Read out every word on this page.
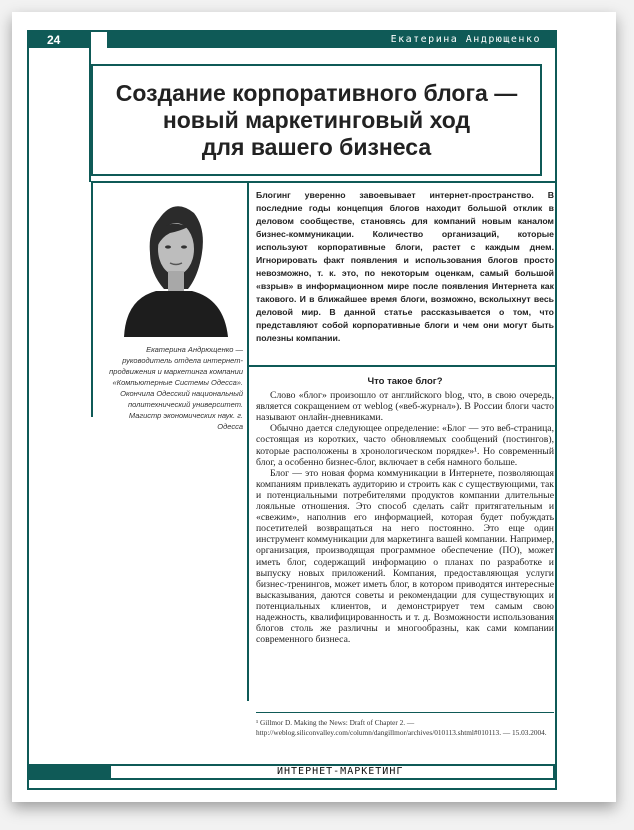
24	Екатерина Андрющенко
Создание корпоративного блога —
новый маркетинговый ход
для вашего бизнеса
Екатерина Андрющенко — руководитель отдела интернет-продвижения и маркетинга компании «Компьютерные Системы Одесса». Окончила Одесский национальный политехнический университет. Магистр экономических наук. г. Одесса
Блогинг уверенно завоевывает интернет-пространство. В последние годы концепция блогов находит большой отклик в деловом сообществе, становясь для компаний новым каналом бизнес-коммуникации. Количество организаций, которые используют корпоративные блоги, растет с каждым днем. Игнорировать факт появления и использования блогов просто невозможно, т. к. это, по некоторым оценкам, самый большой «взрыв» в информационном мире после появления Интернета как такового. И в ближайшее время блоги, возможно, всколыхнут весь деловой мир. В данной статье рассказывается о том, что представляют собой корпоративные блоги и чем они могут быть полезны компании.
Что такое блог?

Слово «блог» произошло от английского blog, что, в свою очередь, является сокращением от weblog («веб-журнал»). В России блоги часто называют онлайн-дневниками.

Обычно дается следующее определение: «Блог — это веб-страница, состоящая из коротких, часто обновляемых сообщений (постингов), которые расположены в хронологическом порядке»¹. Но современный блог, а особенно бизнес-блог, включает в себя намного больше.

Блог — это новая форма коммуникации в Интернете, позволяющая компаниям привлекать аудиторию и строить как с существующими, так и потенциальными потребителями продуктов компании длительные лояльные отношения. Это способ сделать сайт притягательным и «свежим», наполнив его информацией, которая будет побуждать посетителей возвращаться на него постоянно. Это еще один инструмент коммуникации для маркетинга вашей компании. Например, организация, производящая программное обеспечение (ПО), может иметь блог, содержащий информацию о планах по разработке и выпуску новых приложений. Компания, предоставляющая услуги бизнес-тренингов, может иметь блог, в котором приводятся интересные высказывания, даются советы и рекомендации для существующих и потенциальных клиентов, и демонстрирует тем самым свою надежность, квалифицированность и т. д. Возможности использования блогов столь же различны и многообразны, как сами компании современного бизнеса.

¹ Gillmor D. Making the News: Draft of Chapter 2. — http://weblog.siliconvalley.com/column/dangillmor/archives/010113.shtml#010113. — 15.03.2004.
ИНТЕРНЕТ-МАРКЕТИНГ
